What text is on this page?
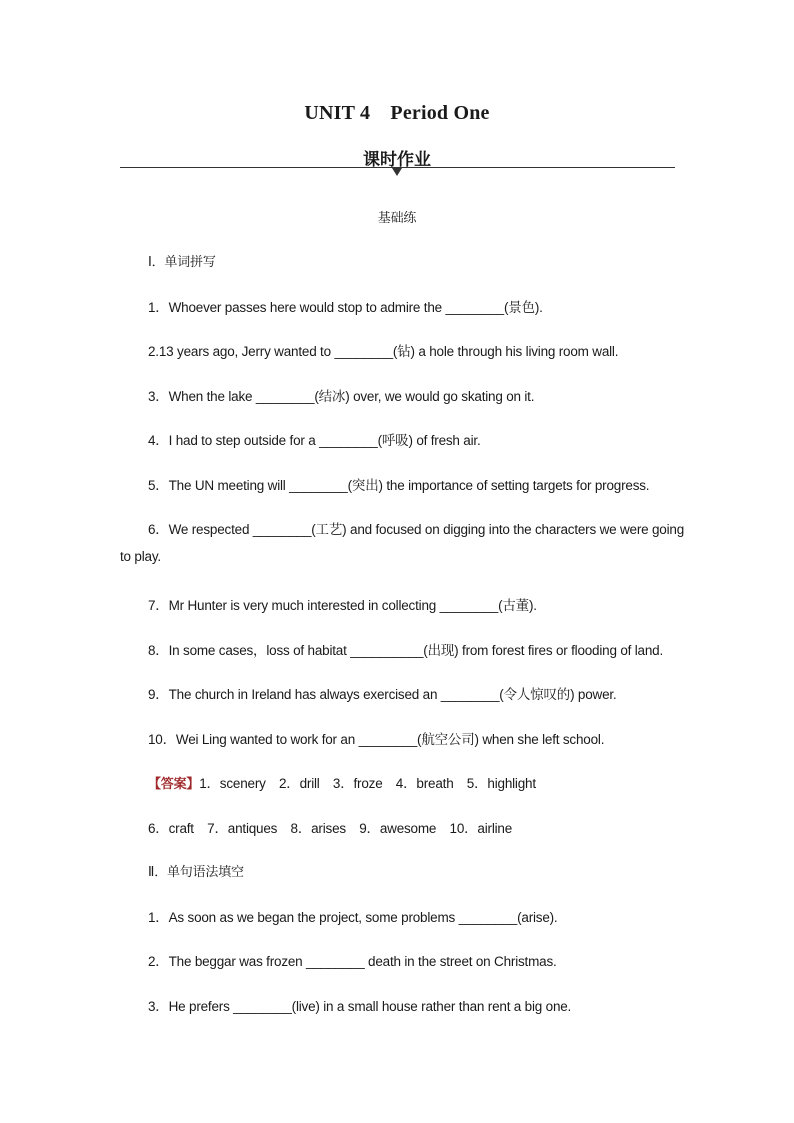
UNIT 4　Period One
课时作业
基础练
Ⅰ．单词拼写
1．Whoever passes here would stop to admire the ________(景色).
2.13 years ago, Jerry wanted to ________(钻) a hole through his living room wall.
3．When the lake ________(结冰) over, we would go skating on it.
4．I had to step outside for a ________(呼吸) of fresh air.
5．The UN meeting will ________(突出) the importance of setting targets for progress.
6．We respected ________(工艺) and focused on digging into the characters we were going
to play.
7．Mr Hunter is very much interested in collecting ________(古董).
8．In some cases，loss of habitat __________(出现) from forest fires or flooding of land.
9．The church in Ireland has always exercised an ________(令人惊叹的) power.
10．Wei Ling wanted to work for an ________(航空公司) when she left school.
【答案】1．scenery　2．drill　3．froze　4．breath　5．highlight
6．craft　7．antiques　8．arises　9．awesome　10．airline
Ⅱ．单句语法填空
1．As soon as we began the project, some problems ________(arise).
2．The beggar was frozen ________ death in the street on Christmas.
3．He prefers ________(live) in a small house rather than rent a big one.
